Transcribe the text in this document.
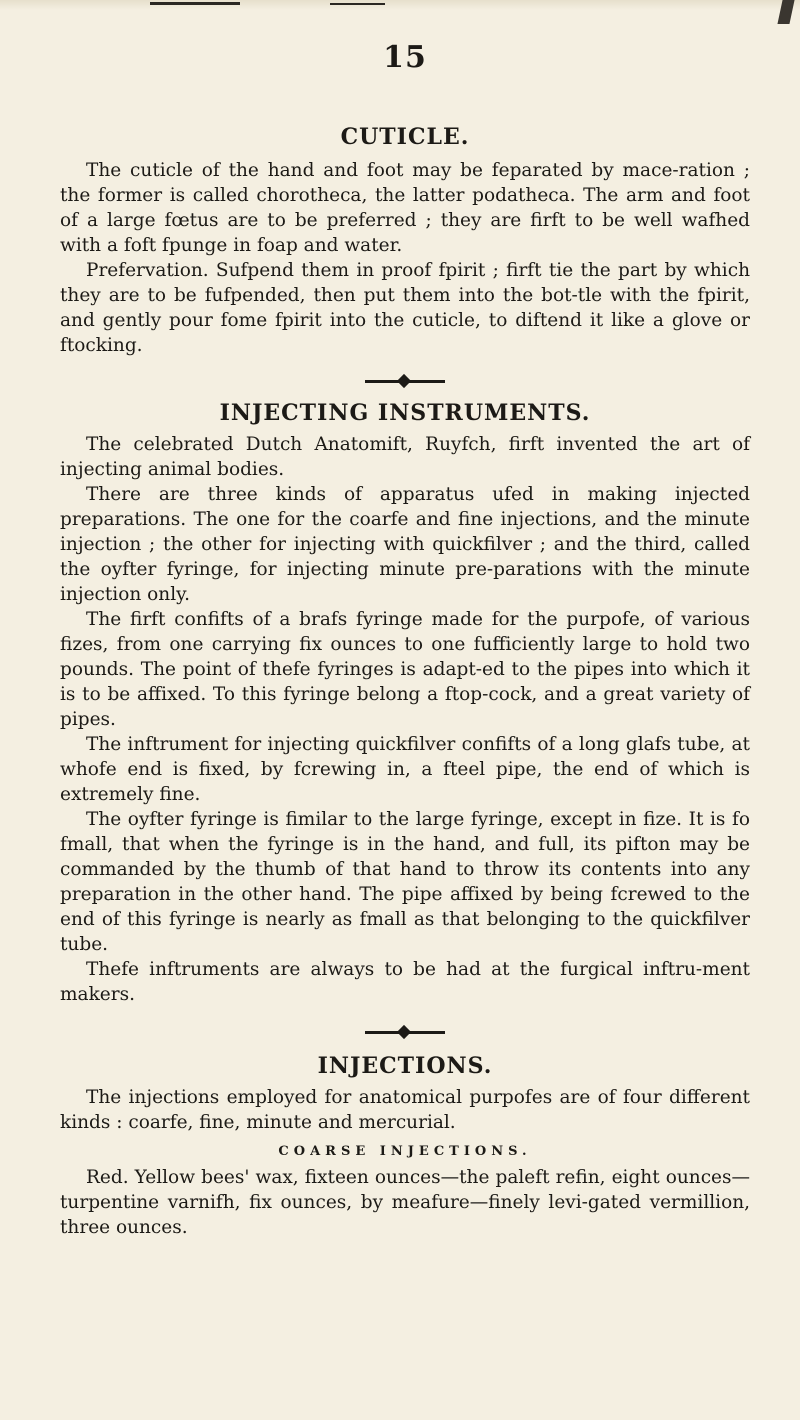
15
CUTICLE.

The cuticle of the hand and foot may be feparated by mace-ration ; the former is called chorotheca, the latter podatheca. The arm and foot of a large fœtus are to be preferred ; they are firft to be well wafhed with a foft fpunge in foap and water.

Prefervation. Sufpend them in proof fpirit ; firft tie the part by which they are to be fufpended, then put them into the bot-tle with the fpirit, and gently pour fome fpirit into the cuticle, to diftend it like a glove or ftocking.

INJECTING INSTRUMENTS.

The celebrated Dutch Anatomift, Ruyfch, firft invented the art of injecting animal bodies.

There are three kinds of apparatus ufed in making injected preparations. The one for the coarfe and fine injections, and the minute injection ; the other for injecting with quickfilver ; and the third, called the oyfter fyringe, for injecting minute pre-parations with the minute injection only.

The firft confifts of a brafs fyringe made for the purpofe, of various fizes, from one carrying fix ounces to one fufficiently large to hold two pounds. The point of thefe fyringes is adapt-ed to the pipes into which it is to be affixed. To this fyringe belong a ftop-cock, and a great variety of pipes.

The inftrument for injecting quickfilver confifts of a long glafs tube, at whofe end is fixed, by fcrewing in, a fteel pipe, the end of which is extremely fine.

The oyfter fyringe is fimilar to the large fyringe, except in fize. It is fo fmall, that when the fyringe is in the hand, and full, its pifton may be commanded by the thumb of that hand to throw its contents into any preparation in the other hand. The pipe affixed by being fcrewed to the end of this fyringe is nearly as fmall as that belonging to the quickfilver tube.

Thefe inftruments are always to be had at the furgical inftru-ment makers.

INJECTIONS.

The injections employed for anatomical purpofes are of four different kinds : coarfe, fine, minute and mercurial.

COARSE INJECTIONS.

Red. Yellow bees' wax, fixteen ounces—the paleft refin, eight ounces—turpentine varnifh, fix ounces, by meafure—finely levi-gated vermillion, three ounces.
